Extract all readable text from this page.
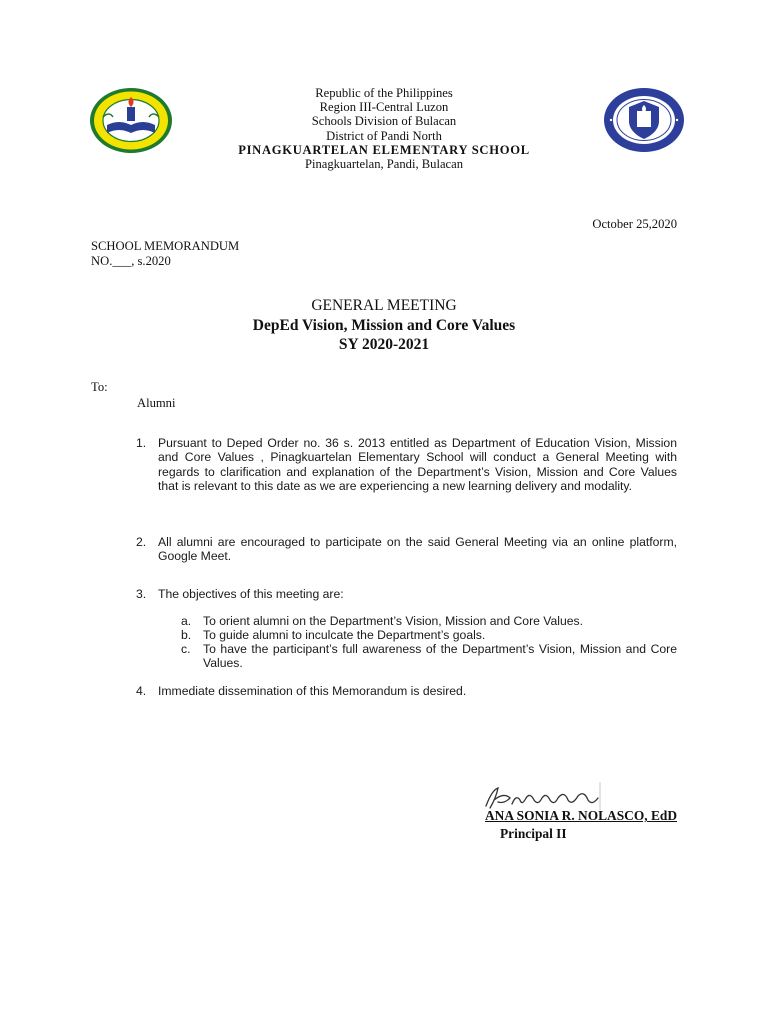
Republic of the Philippines
Region III-Central Luzon
Schools Division of Bulacan
District of Pandi North
PINAGKUARTELAN ELEMENTARY SCHOOL
Pinagkuartelan, Pandi, Bulacan
October 25,2020
SCHOOL MEMORANDUM
NO.___, s.2020
GENERAL MEETING
DepEd Vision, Mission and Core Values
SY 2020-2021
To:
Alumni
1. Pursuant to Deped Order no. 36 s. 2013 entitled as Department of Education Vision, Mission and Core Values , Pinagkuartelan Elementary School will conduct a General Meeting with regards to clarification and explanation of the Department’s Vision, Mission and Core Values that is relevant to this date as we are experiencing a new learning delivery and modality.
2. All alumni are encouraged to participate on the said General Meeting via an online platform, Google Meet.
3. The objectives of this meeting are:
a. To orient alumni on the Department’s Vision, Mission and Core Values.
b. To guide alumni to inculcate the Department’s goals.
c. To have the participant’s full awareness of the Department’s Vision, Mission and Core Values.
4. Immediate dissemination of this Memorandum is desired.
ANA SONIA R. NOLASCO, EdD
Principal II
